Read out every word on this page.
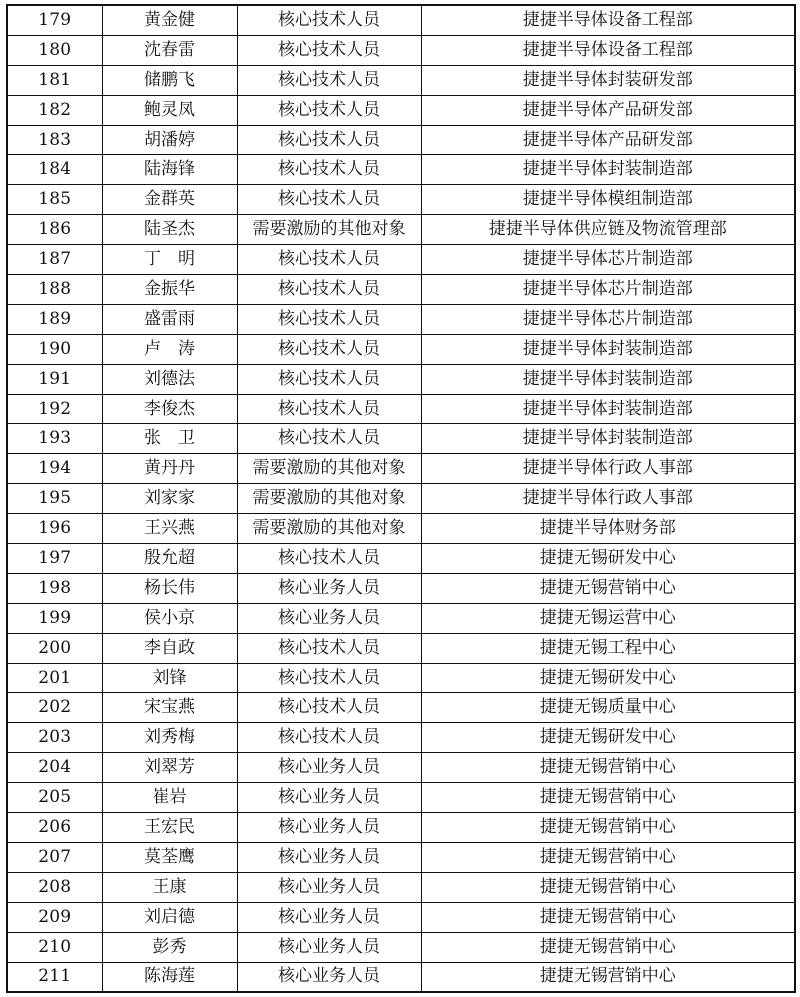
179	黄金健	核心技术人员	捷捷半导体设备工程部
180	沈春雷	核心技术人员	捷捷半导体设备工程部
181	储鹏飞	核心技术人员	捷捷半导体封装研发部
182	鲍灵凤	核心技术人员	捷捷半导体产品研发部
183	胡潘婷	核心技术人员	捷捷半导体产品研发部
184	陆海锋	核心技术人员	捷捷半导体封装制造部
185	金群英	核心技术人员	捷捷半导体模组制造部
186	陆圣杰	需要激励的其他对象	捷捷半导体供应链及物流管理部
187	丁　明	核心技术人员	捷捷半导体芯片制造部
188	金振华	核心技术人员	捷捷半导体芯片制造部
189	盛雷雨	核心技术人员	捷捷半导体芯片制造部
190	卢　涛	核心技术人员	捷捷半导体封装制造部
191	刘德法	核心技术人员	捷捷半导体封装制造部
192	李俊杰	核心技术人员	捷捷半导体封装制造部
193	张　卫	核心技术人员	捷捷半导体封装制造部
194	黄丹丹	需要激励的其他对象	捷捷半导体行政人事部
195	刘家家	需要激励的其他对象	捷捷半导体行政人事部
196	王兴燕	需要激励的其他对象	捷捷半导体财务部
197	殷允超	核心技术人员	捷捷无锡研发中心
198	杨长伟	核心业务人员	捷捷无锡营销中心
199	侯小京	核心业务人员	捷捷无锡运营中心
200	李自政	核心技术人员	捷捷无锡工程中心
201	刘锋	核心技术人员	捷捷无锡研发中心
202	宋宝燕	核心技术人员	捷捷无锡质量中心
203	刘秀梅	核心技术人员	捷捷无锡研发中心
204	刘翠芳	核心业务人员	捷捷无锡营销中心
205	崔岩	核心业务人员	捷捷无锡营销中心
206	王宏民	核心业务人员	捷捷无锡营销中心
207	莫荃鹰	核心业务人员	捷捷无锡营销中心
208	王康	核心业务人员	捷捷无锡营销中心
209	刘启德	核心业务人员	捷捷无锡营销中心
210	彭秀	核心业务人员	捷捷无锡营销中心
211	陈海莲	核心业务人员	捷捷无锡营销中心
